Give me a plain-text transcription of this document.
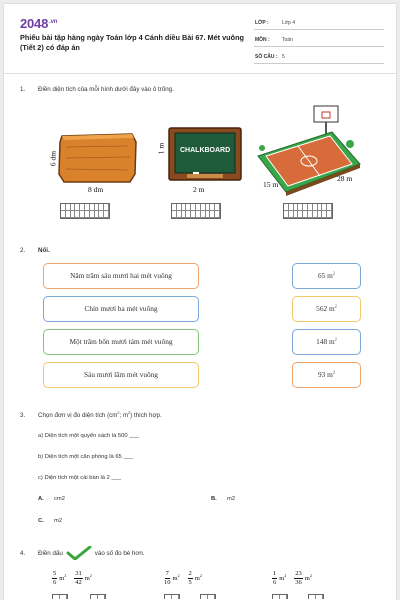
$2048^{.vn}$
Phiếu bài tập hàng ngày Toán lớp 4 Cánh diều Bài 67. Mét vuông (Tiết 2) có đáp án
LỚP :	Lớp 4
MÔN : Toán
SỐ CÂU : 5
1. Điền diện tích của mỗi hình dưới đây vào ô trống.
6 dm
8 dm
CHALKBOARD
1 m
2 m
15 m
28 m
2. Nối.
Năm trăm sáu mươi hai mét vuông
Chín mươi ba mét vuông
Một trăm bốn mươi tám mét vuông
Sáu mươi lăm mét vuông
65 $m^2$
562 $m^2$
148 $m^2$
93 $m^2$
3. Chọn đơn vị đo diện tích ($cm^2$; $m^2$) thích hợp.
a) Diện tích một quyển sách là 500 ___
b) Diện tích một căn phòng là 65 ___
c) Diện tích một cái bàn là 2 ___
A. cm2	B. m2
C. m2
4.	Điền dấu	vào số đo bé hơn.
$\frac{5}{6} m^2 \frac{31}{42} m^2$	$\frac{7}{10} m^2 \frac{2}{5} m^2$	$\frac{1}{6} m^2 \frac{23}{36} m^2$
